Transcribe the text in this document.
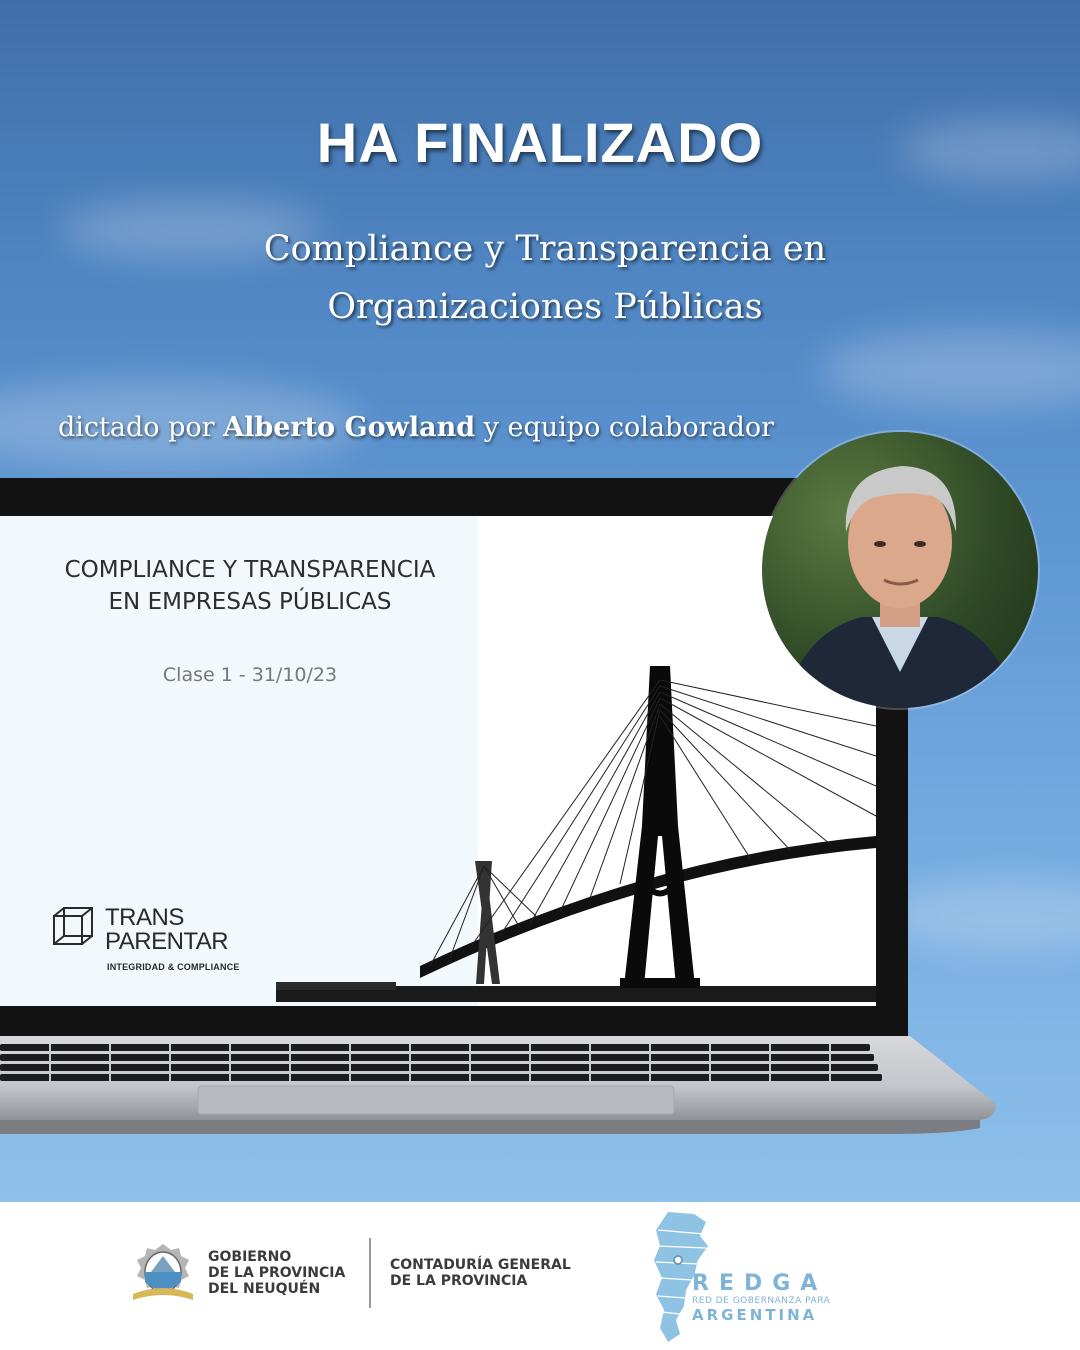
HA FINALIZADO
Compliance y Transparencia en
Organizaciones Públicas
dictado por Alberto Gowland y equipo colaborador
COMPLIANCE Y TRANSPARENCIA
EN EMPRESAS PÚBLICAS
Clase 1 - 31/10/23
TRANS
PARENTAR
INTEGRIDAD & COMPLIANCE
GOBIERNO
DE LA PROVINCIA
DEL NEUQUÉN
CONTADURÍA GENERAL
DE LA PROVINCIA	REDGA
RED DE GOBERNANZA PARA
ARGENTINA
